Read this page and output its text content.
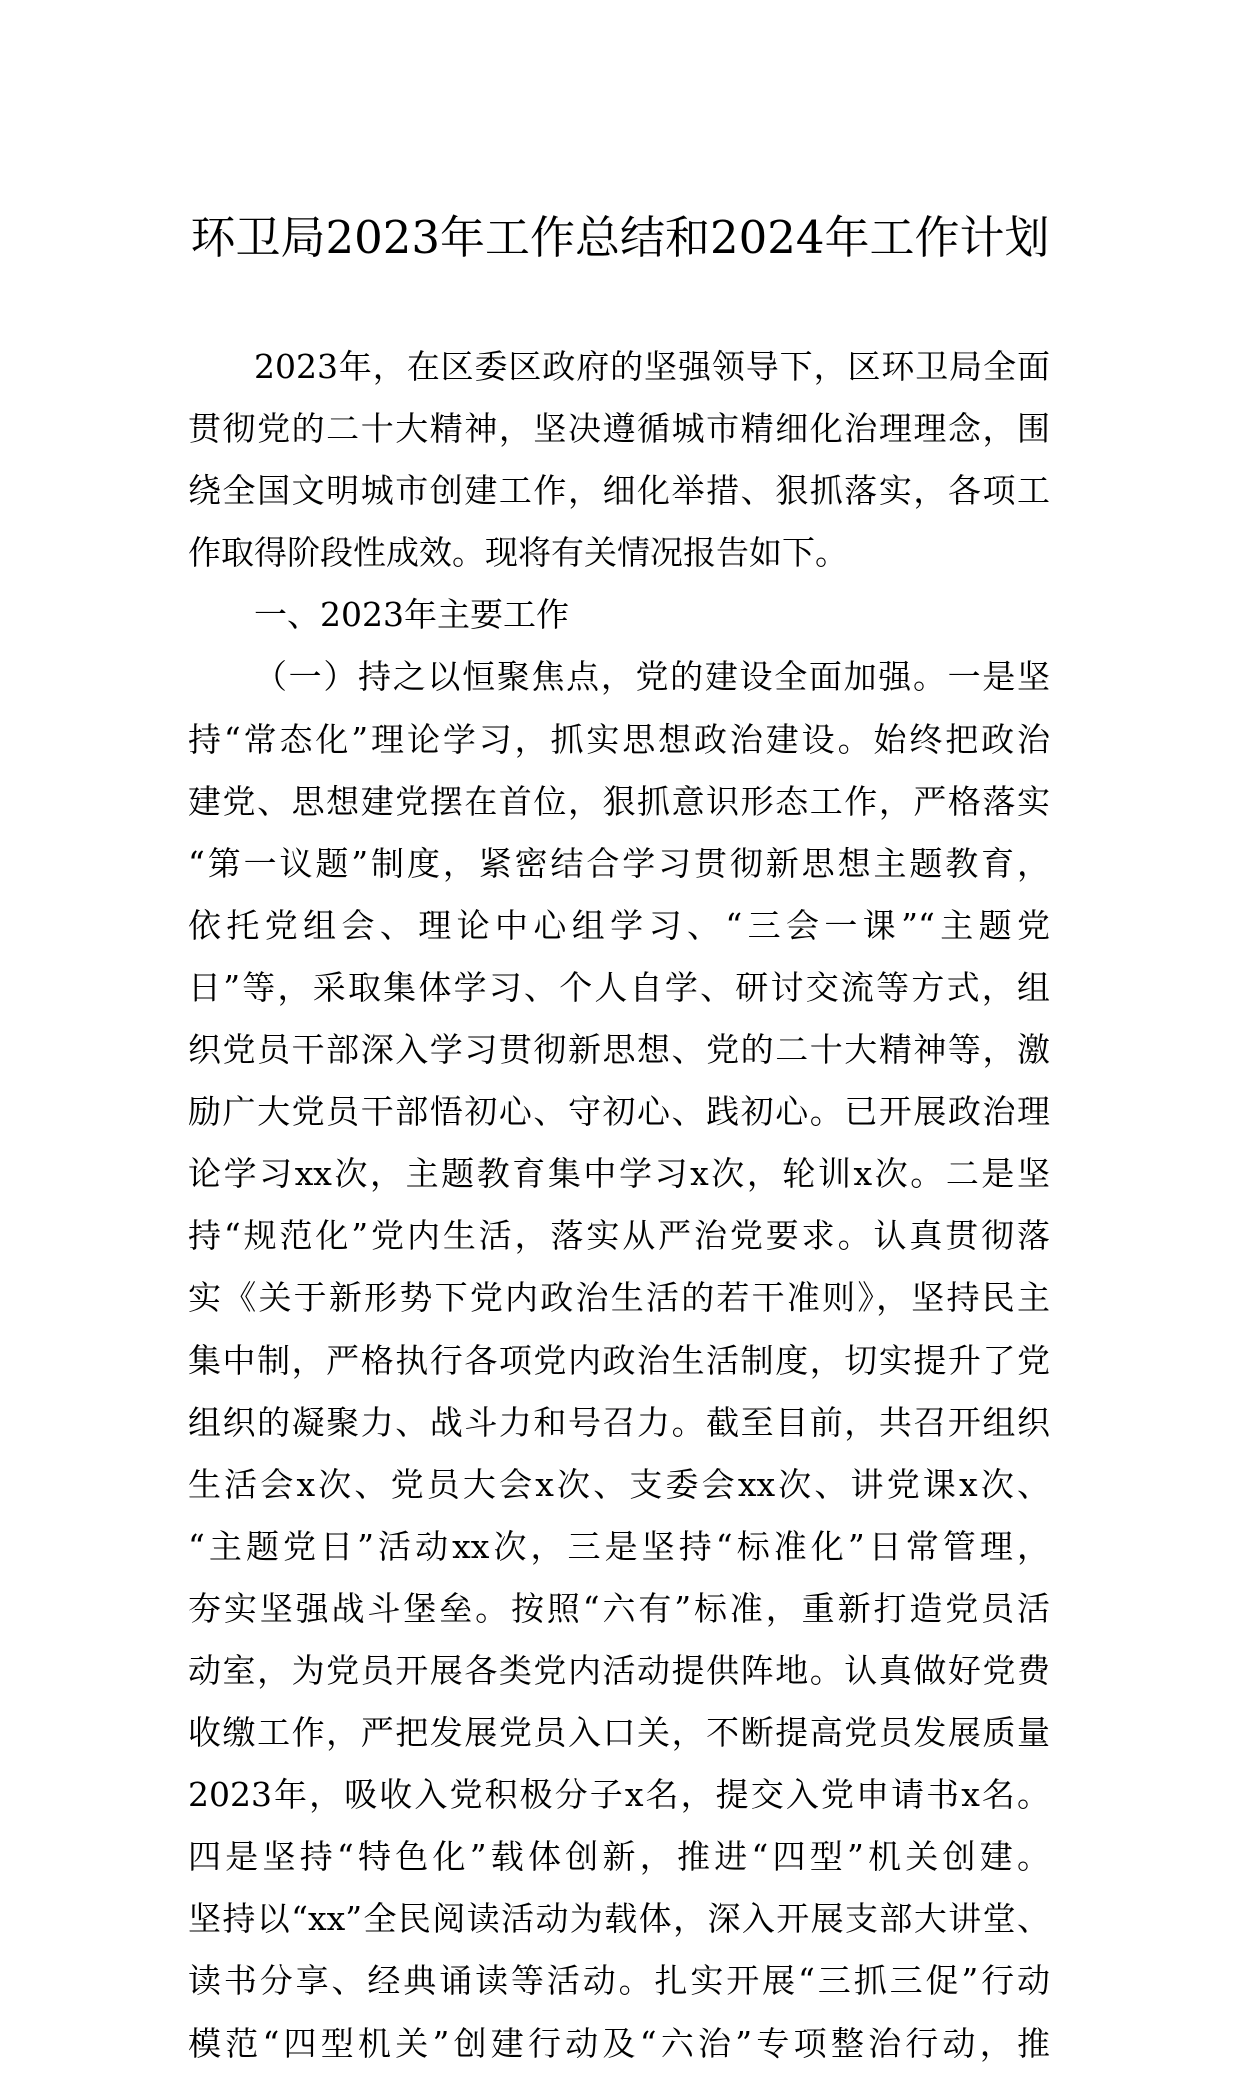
环卫局2023年工作总结和2024年工作计划
2023年，在区委区政府的坚强领导下，区环卫局全面
贯彻党的二十大精神，坚决遵循城市精细化治理理念，围
绕全国文明城市创建工作，细化举措、狠抓落实，各项工
作取得阶段性成效。现将有关情况报告如下。
一、2023年主要工作
（一）持之以恒聚焦点，党的建设全面加强。一是坚
持“常态化”理论学习，抓实思想政治建设。始终把政治
建党、思想建党摆在首位，狠抓意识形态工作，严格落实
“第一议题”制度，紧密结合学习贯彻新思想主题教育，
依托党组会、理论中心组学习、“三会一课”“主题党
日”等，采取集体学习、个人自学、研讨交流等方式，组
织党员干部深入学习贯彻新思想、党的二十大精神等，激
励广大党员干部悟初心、守初心、践初心。已开展政治理
论学习xx次，主题教育集中学习x次，轮训x次。二是坚
持“规范化”党内生活，落实从严治党要求。认真贯彻落
实《关于新形势下党内政治生活的若干准则》，坚持民主
集中制，严格执行各项党内政治生活制度，切实提升了党
组织的凝聚力、战斗力和号召力。截至目前，共召开组织
生活会x次、党员大会x次、支委会xx次、讲党课x次、
“主题党日”活动xx次，三是坚持“标准化”日常管理，
夯实坚强战斗堡垒。按照“六有”标准，重新打造党员活
动室，为党员开展各类党内活动提供阵地。认真做好党费
收缴工作，严把发展党员入口关，不断提高党员发展质量
2023年，吸收入党积极分子x名，提交入党申请书x名。
四是坚持“特色化”载体创新，推进“四型”机关创建。
坚持以“xx”全民阅读活动为载体，深入开展支部大讲堂、
读书分享、经典诵读等活动。扎实开展“三抓三促”行动
模范“四型机关”创建行动及“六治”专项整治行动，推
